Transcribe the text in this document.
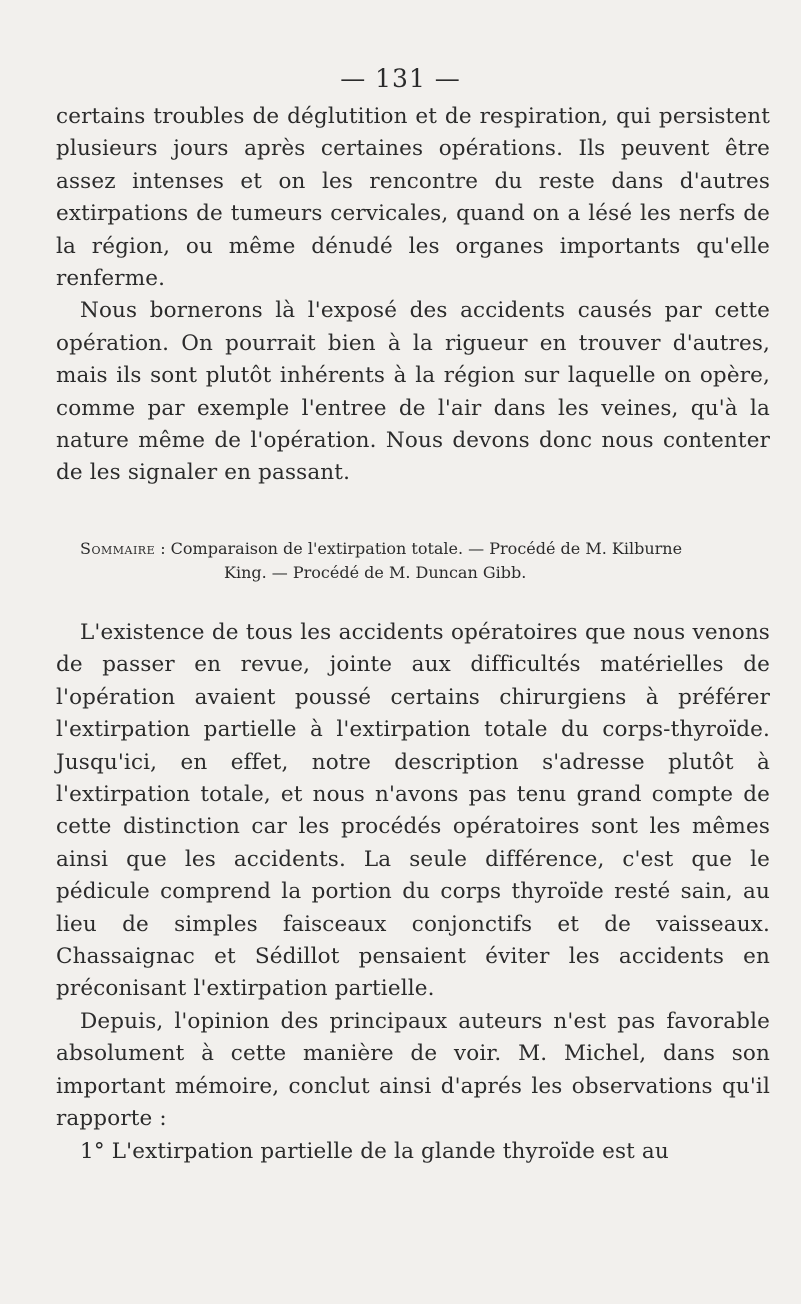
— 131 —

certains troubles de déglutition et de respiration, qui persistent plusieurs jours après certaines opérations. Ils peuvent être assez intenses et on les rencontre du reste dans d'autres extirpations de tumeurs cervicales, quand on a lésé les nerfs de la région, ou même dénudé les organes importants qu'elle renferme.

Nous bornerons là l'exposé des accidents causés par cette opération. On pourrait bien à la rigueur en trouver d'autres, mais ils sont plutôt inhérents à la région sur laquelle on opère, comme par exemple l'entree de l'air dans les veines, qu'à la nature même de l'opération. Nous devons donc nous contenter de les signaler en passant.

Sommaire : Comparaison de l'extirpation totale. — Procédé de M. Kilburne
King. — Procédé de M. Duncan Gibb.

L'existence de tous les accidents opératoires que nous venons de passer en revue, jointe aux difficultés matérielles de l'opération avaient poussé certains chirurgiens à préférer l'extirpation partielle à l'extirpation totale du corps-thyroïde. Jusqu'ici, en effet, notre description s'adresse plutôt à l'extirpation totale, et nous n'avons pas tenu grand compte de cette distinction car les procédés opératoires sont les mêmes ainsi que les accidents. La seule différence, c'est que le pédicule comprend la portion du corps thyroïde resté sain, au lieu de simples faisceaux conjonctifs et de vaisseaux. Chassaignac et Sédillot pensaient éviter les accidents en préconisant l'extirpation partielle.

Depuis, l'opinion des principaux auteurs n'est pas favorable absolument à cette manière de voir. M. Michel, dans son important mémoire, conclut ainsi d'aprés les observations qu'il rapporte :

1° L'extirpation partielle de la glande thyroïde est au
